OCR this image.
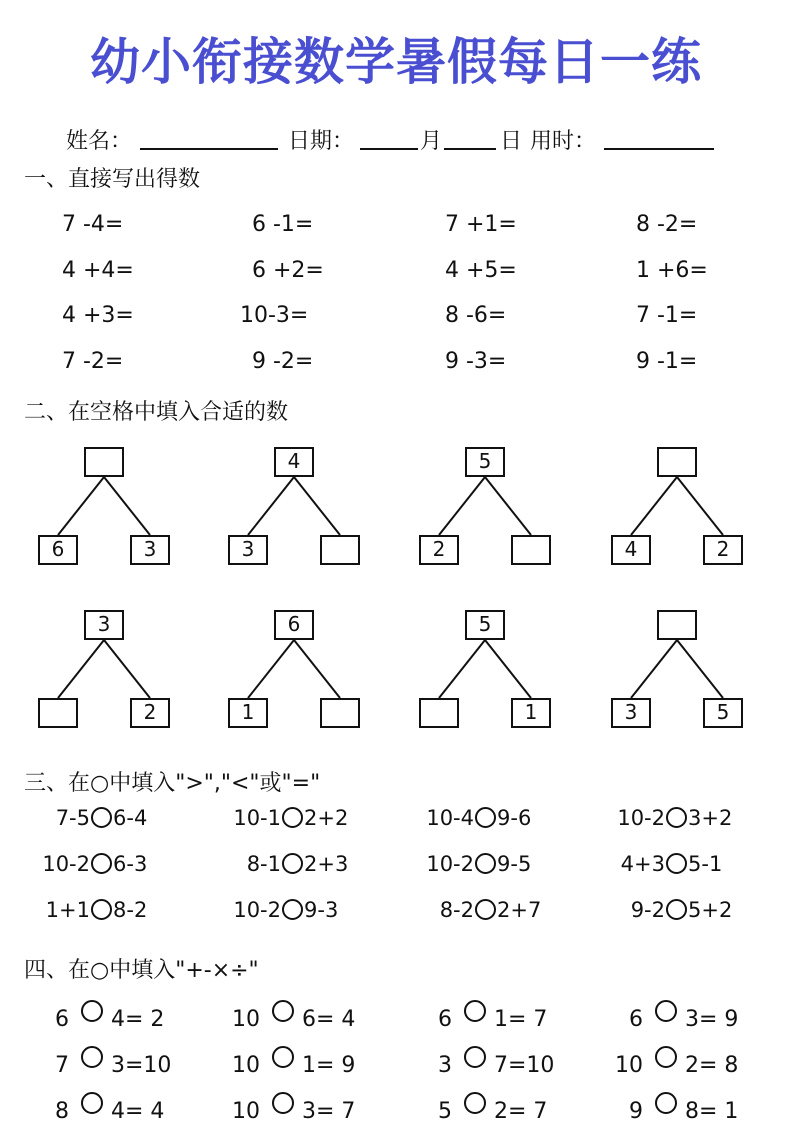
幼小衔接数学暑假每日一练
姓名：	日期：	月	日 用时：
一、直接写出得数
二、在空格中填入合适的数
三、在○中填入">","<"或"="
四、在○中填入"+-×÷"
7 -4=	6 -1=	7 +1=	8 -2=
4 +4=	6 +2=	4 +5=	1 +6=
4 +3=	10-3=	8 -6=	7 -1=
7 -2=	9 -2=	9 -3=	9 -1=
6	3
4
3
5
2	4	2
3
2
6
1
5
1	3	5
7-5 6-4	10-1 2+2	10-4 9-6	10-2 3+2
10-2 6-3	8-1 2+3	10-2 9-5	4+3 5-1
1+1 8-2	10-2 9-3	8-2 2+7	9-2 5+2
6 4= 2	10 6= 4	6 1= 7	6 3= 9
7 3=10	10 1= 9	3 7=10	10 2= 8
8 4= 4	10 3= 7	5 2= 7	9 8= 1
